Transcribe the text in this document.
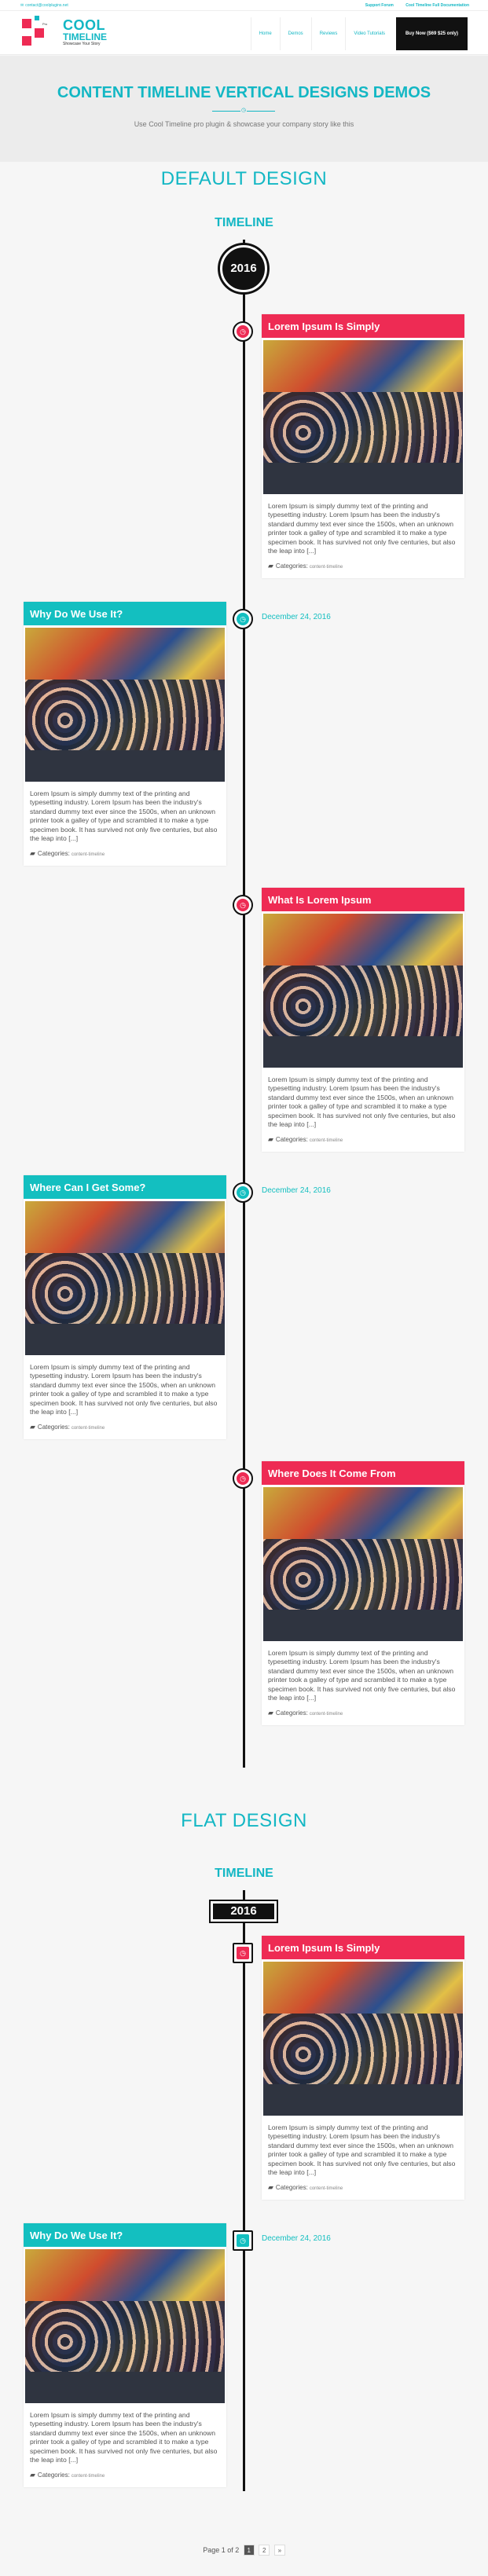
✉ contact@coolplugins.net	Support Forum	Cool Timeline Full Documentation
Pro COOL
TIMELINE
Showcase Your Story
Home	Demos	Reviews	Video Tutorials	Buy Now ($69 $25 only)
CONTENT TIMELINE VERTICAL DESIGNS DEMOS
◷

Use Cool Timeline pro plugin & showcase your company story like this

DEFAULT DESIGN
TIMELINE
2016
◷	Lorem Ipsum Is Simply
Lorem Ipsum is simply dummy text of the printing and typesetting industry. Lorem Ipsum has been the industry's standard dummy text ever since the 1500s, when an unknown printer took a galley of type and scrambled it to make a type specimen book. It has survived not only five centuries, but also the leap into [...]
▰ Categories: content-timeline
December 24, 2016
◷
Why Do We Use It?
Lorem Ipsum is simply dummy text of the printing and typesetting industry. Lorem Ipsum has been the industry's standard dummy text ever since the 1500s, when an unknown printer took a galley of type and scrambled it to make a type specimen book. It has survived not only five centuries, but also the leap into [...]
▰ Categories: content-timeline
◷	What Is Lorem Ipsum
Lorem Ipsum is simply dummy text of the printing and typesetting industry. Lorem Ipsum has been the industry's standard dummy text ever since the 1500s, when an unknown printer took a galley of type and scrambled it to make a type specimen book. It has survived not only five centuries, but also the leap into [...]
▰ Categories: content-timeline
December 24, 2016
◷
Where Can I Get Some?
Lorem Ipsum is simply dummy text of the printing and typesetting industry. Lorem Ipsum has been the industry's standard dummy text ever since the 1500s, when an unknown printer took a galley of type and scrambled it to make a type specimen book. It has survived not only five centuries, but also the leap into [...]
▰ Categories: content-timeline
◷	Where Does It Come From
Lorem Ipsum is simply dummy text of the printing and typesetting industry. Lorem Ipsum has been the industry's standard dummy text ever since the 1500s, when an unknown printer took a galley of type and scrambled it to make a type specimen book. It has survived not only five centuries, but also the leap into [...]
▰ Categories: content-timeline
FLAT DESIGN
TIMELINE
2016
◷	Lorem Ipsum Is Simply
Lorem Ipsum is simply dummy text of the printing and typesetting industry. Lorem Ipsum has been the industry's standard dummy text ever since the 1500s, when an unknown printer took a galley of type and scrambled it to make a type specimen book. It has survived not only five centuries, but also the leap into [...]
▰ Categories: content-timeline
December 24, 2016
◷
Why Do We Use It?
Lorem Ipsum is simply dummy text of the printing and typesetting industry. Lorem Ipsum has been the industry's standard dummy text ever since the 1500s, when an unknown printer took a galley of type and scrambled it to make a type specimen book. It has survived not only five centuries, but also the leap into [...]
▰ Categories: content-timeline
Page 1 of 2 1 2 »
